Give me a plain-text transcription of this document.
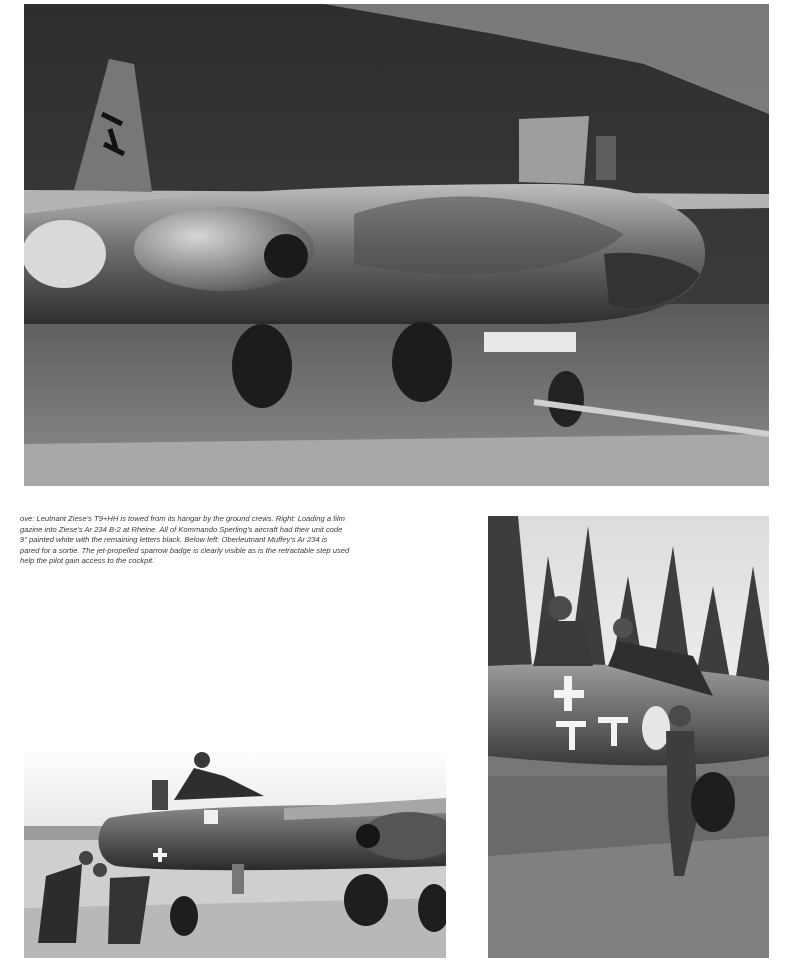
ove: Leutnant Ziese's T9+HH is towed from its hangar by the ground crews. Right: Loading a film
gazine into Ziese's Ar 234 B-2 at Rheine. All of Kommando Sperling's aircraft had their unit code
9" painted white with the remaining letters black. Below left: Oberleutnant Muffey's Ar 234 is
pared for a sortie. The jet-propelled sparrow badge is clearly visible as is the retractable step used
help the pilot gain access to the cockpit.
